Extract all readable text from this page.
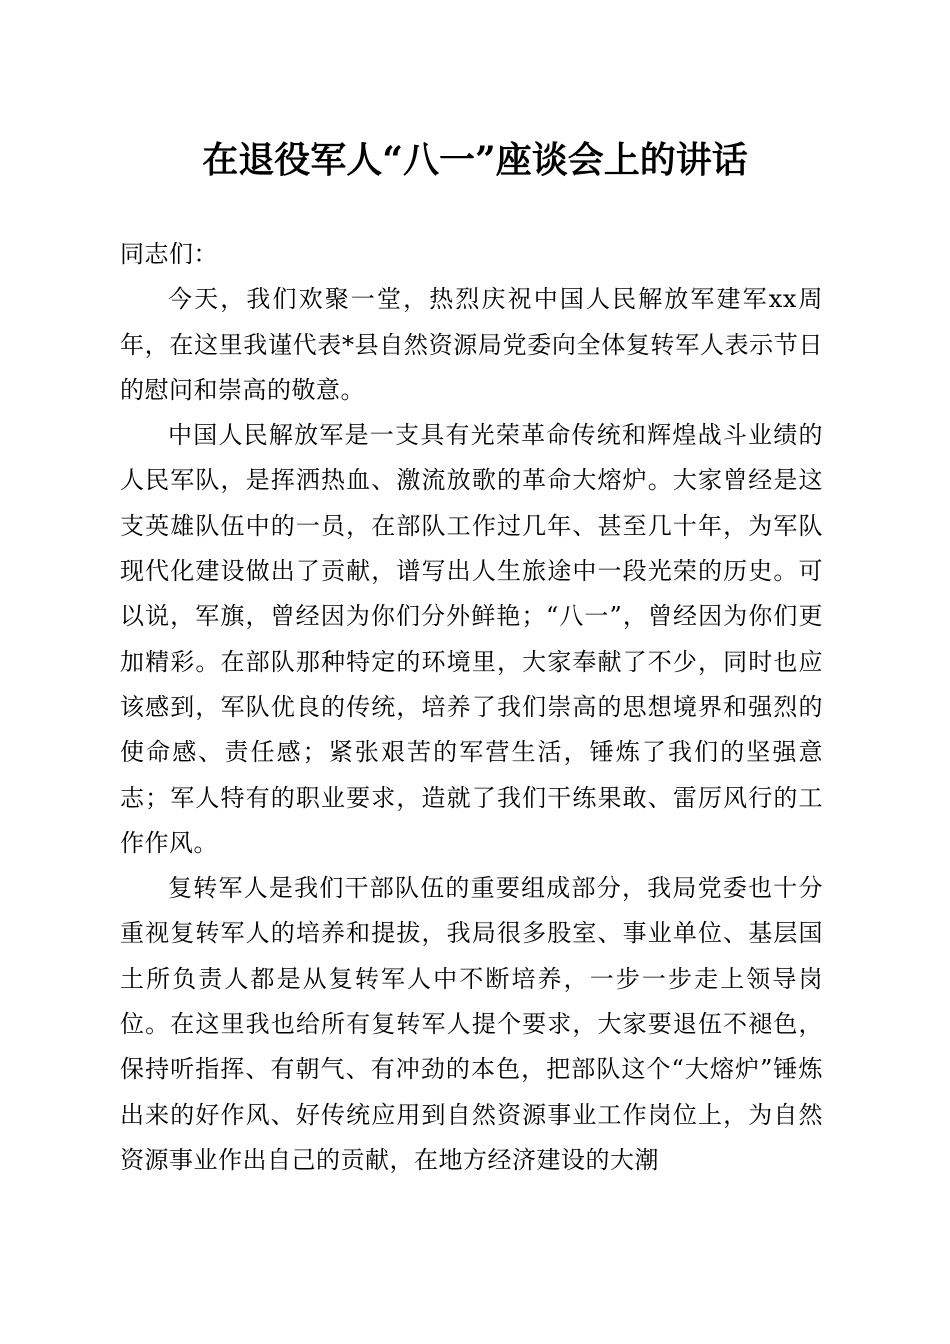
在退役军人“八一”座谈会上的讲话

同志们：

今天，我们欢聚一堂，热烈庆祝中国人民解放军建军xx周年，在这里我谨代表*县自然资源局党委向全体复转军人表示节日的慰问和崇高的敬意。

中国人民解放军是一支具有光荣革命传统和辉煌战斗业绩的人民军队，是挥洒热血、激流放歌的革命大熔炉。大家曾经是这支英雄队伍中的一员，在部队工作过几年、甚至几十年，为军队现代化建设做出了贡献，谱写出人生旅途中一段光荣的历史。可以说，军旗，曾经因为你们分外鲜艳；“八一”，曾经因为你们更加精彩。在部队那种特定的环境里，大家奉献了不少，同时也应该感到，军队优良的传统，培养了我们崇高的思想境界和强烈的使命感、责任感；紧张艰苦的军营生活，锤炼了我们的坚强意志；军人特有的职业要求，造就了我们干练果敢、雷厉风行的工作作风。

复转军人是我们干部队伍的重要组成部分，我局党委也十分重视复转军人的培养和提拔，我局很多股室、事业单位、基层国土所负责人都是从复转军人中不断培养，一步一步走上领导岗位。在这里我也给所有复转军人提个要求，大家要退伍不褪色，保持听指挥、有朝气、有冲劲的本色，把部队这个“大熔炉”锤炼出来的好作风、好传统应用到自然资源事业工作岗位上，为自然资源事业作出自己的贡献，在地方经济建设的大潮
